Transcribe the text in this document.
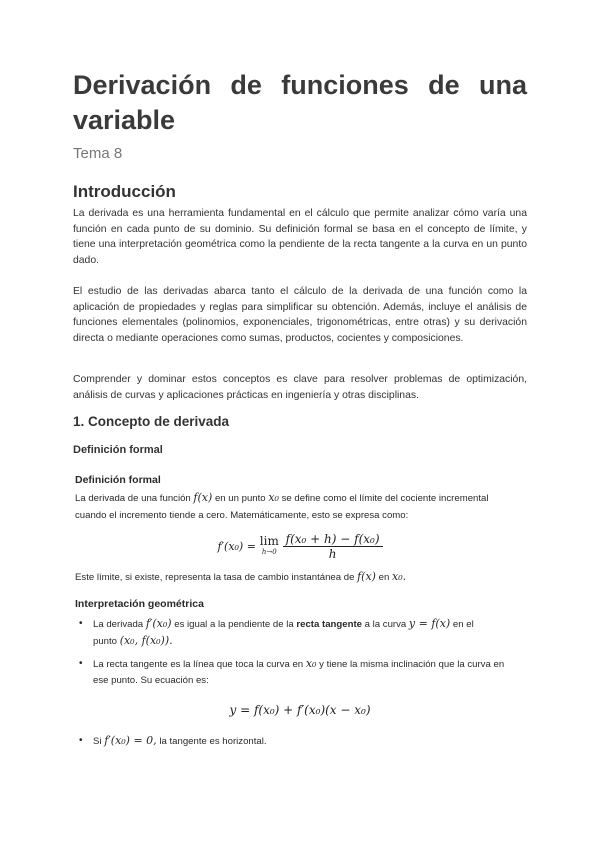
Derivación de funciones de una variable
Tema 8
Introducción

La derivada es una herramienta fundamental en el cálculo que permite analizar cómo varía una función en cada punto de su dominio. Su definición formal se basa en el concepto de límite, y tiene una interpretación geométrica como la pendiente de la recta tangente a la curva en un punto dado.

El estudio de las derivadas abarca tanto el cálculo de la derivada de una función como la aplicación de propiedades y reglas para simplificar su obtención. Además, incluye el análisis de funciones elementales (polinomios, exponenciales, trigonométricas, entre otras) y su derivación directa o mediante operaciones como sumas, productos, cocientes y composiciones.

Comprender y dominar estos conceptos es clave para resolver problemas de optimización, análisis de curvas y aplicaciones prácticas en ingeniería y otras disciplinas.

1. Concepto de derivada
Definición formal
Definición formal
La derivada de una función f(x) en un punto x₀ se define como el límite del cociente incremental
cuando el incremento tiende a cero. Matemáticamente, esto se expresa como:
f′(x₀) = lim
h→0
$\frac{\text{f(x₀ + h) − f(x₀)}}{h}$
Este límite, si existe, representa la tasa de cambio instantánea de f(x) en x₀.
Interpretación geométrica
• La derivada f′(x₀) es igual a la pendiente de la recta tangente a la curva y = f(x) en el
punto (x₀, f(x₀)).
• La recta tangente es la línea que toca la curva en x₀ y tiene la misma inclinación que la curva en
ese punto. Su ecuación es:
y = f(x₀) + f′(x₀)(x − x₀)
• Si f′(x₀) = 0, la tangente es horizontal.
